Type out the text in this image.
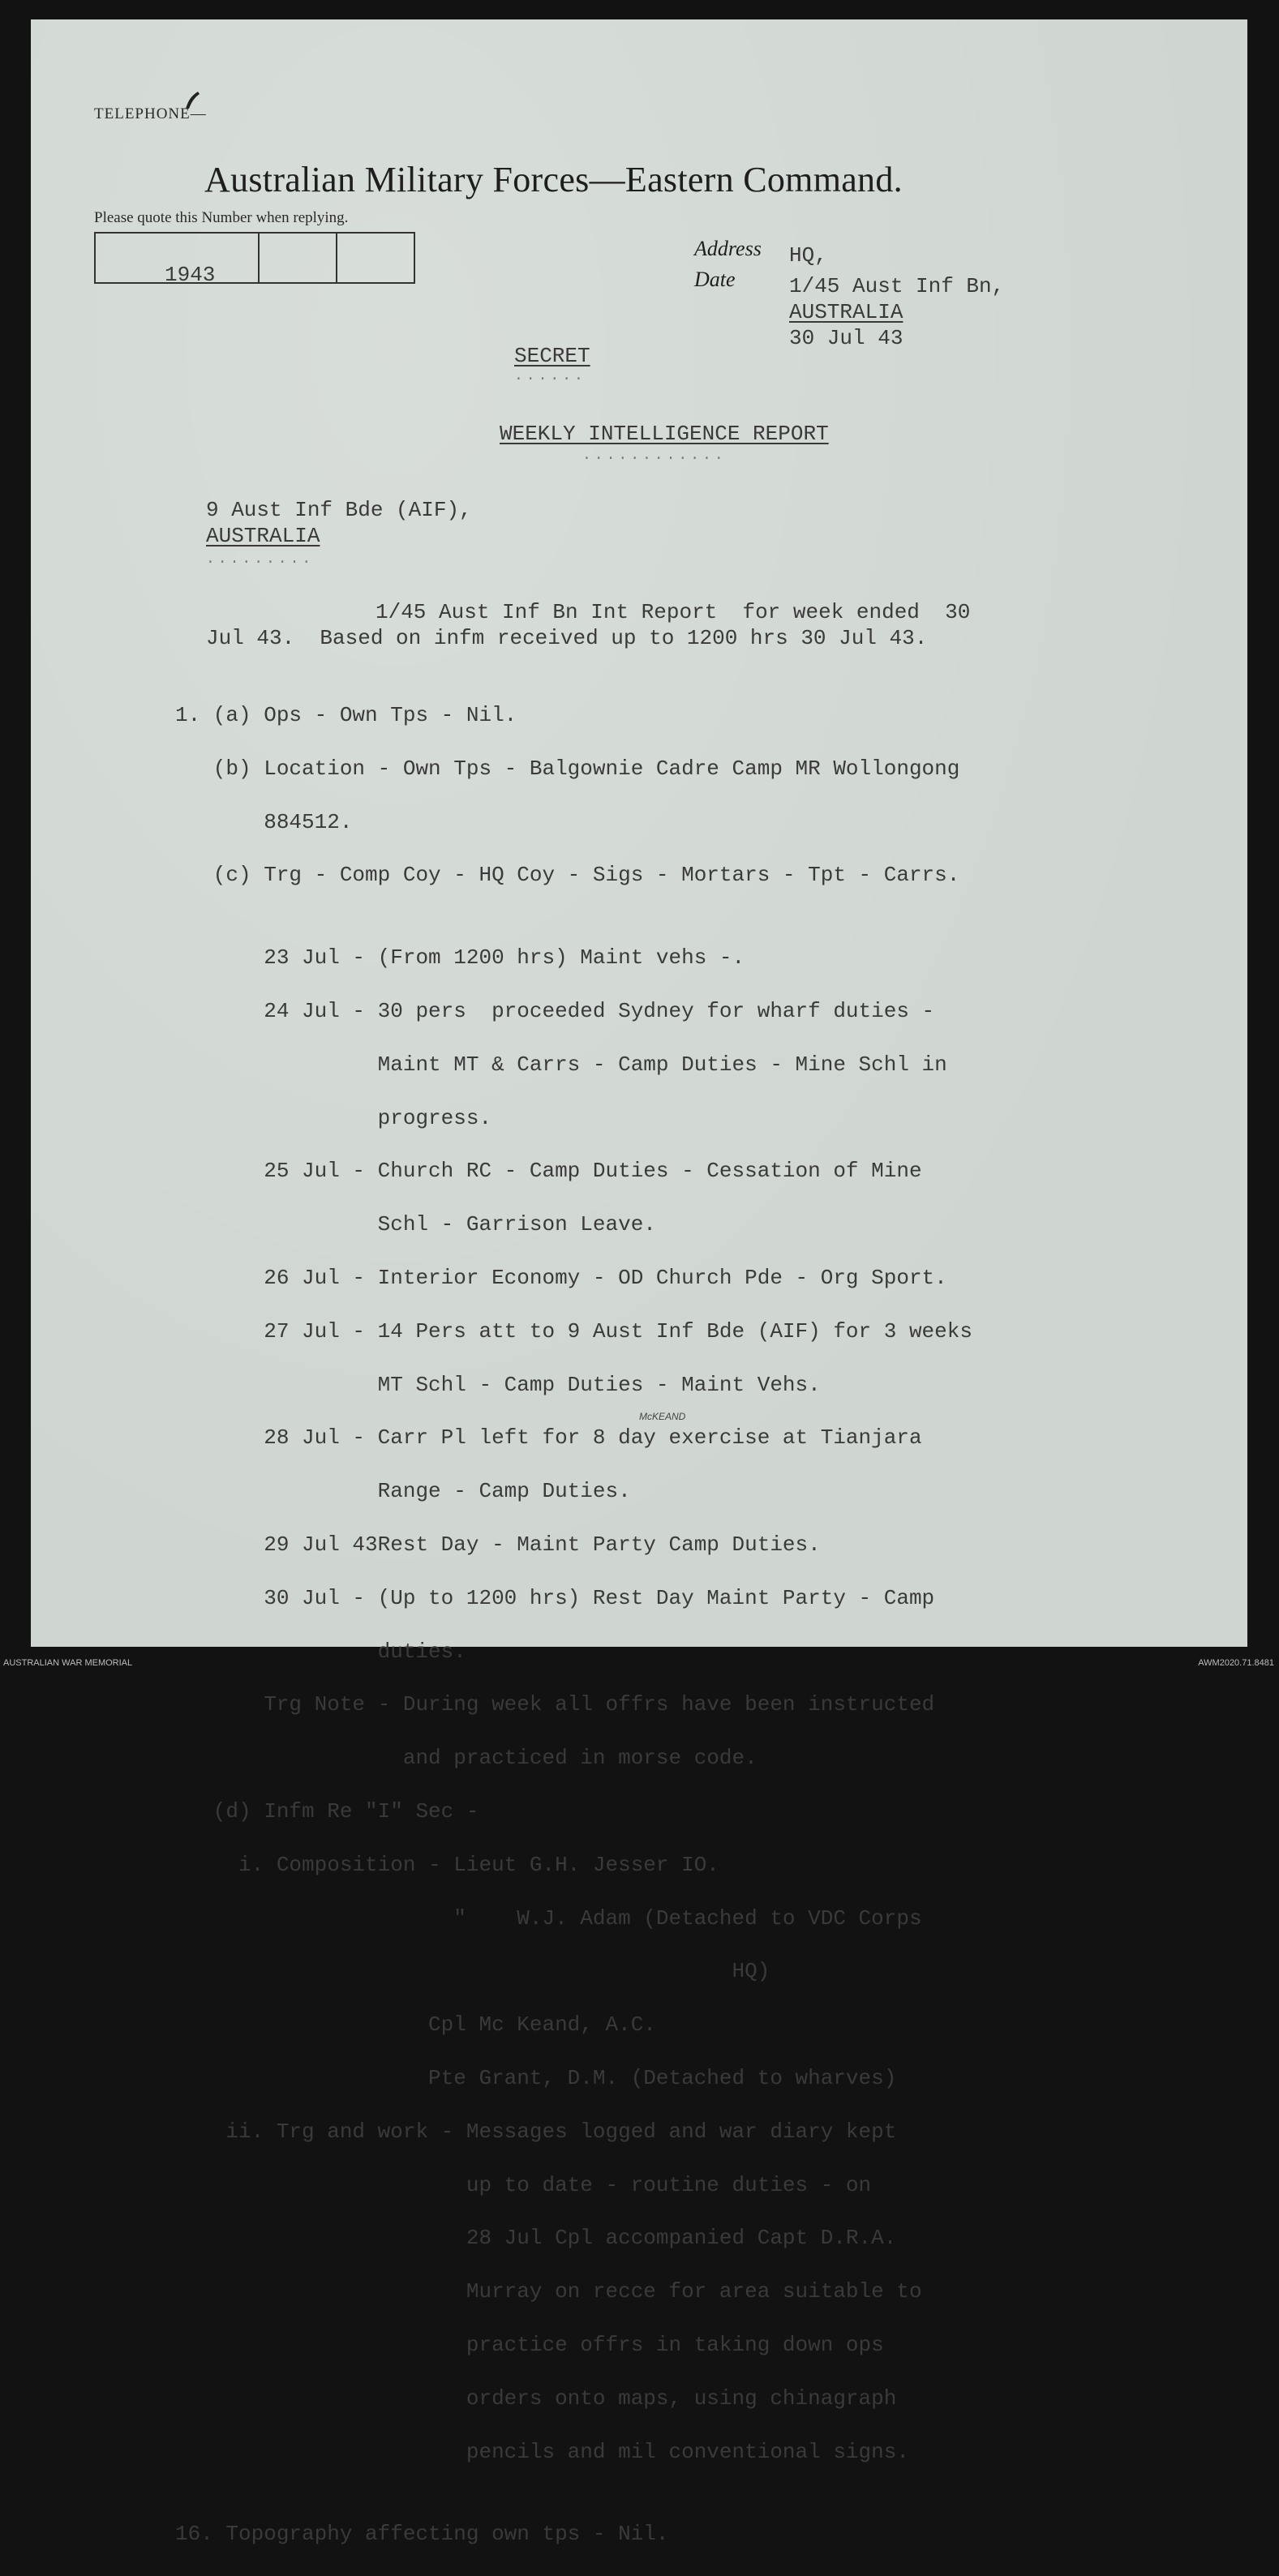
TELEPHONE—
Australian Military Forces—Eastern Command.
Please quote this Number when replying.
1943
Address
Date
HQ,
1/45 Aust Inf Bn,
AUSTRALIA
30 Jul 43
SECRET
......
WEEKLY INTELLIGENCE REPORT
............
9 Aust Inf Bde (AIF),
AUSTRALIA
.........
1/45 Aust Inf Bn Int Report  for week ended  30
Jul 43.  Based on infm received up to 1200 hrs 30 Jul 43.

1. (a) Ops - Own Tps - Nil.

(b) Location - Own Tps - Balgownie Cadre Camp MR Wollongong

884512.

(c) Trg - Comp Coy - HQ Coy - Sigs - Mortars - Tpt - Carrs.

23 Jul - (From 1200 hrs) Maint vehs -.

24 Jul - 30 pers  proceeded Sydney for wharf duties -

Maint MT & Carrs - Camp Duties - Mine Schl in

progress.

25 Jul - Church RC - Camp Duties - Cessation of Mine

Schl - Garrison Leave.

26 Jul - Interior Economy - OD Church Pde - Org Sport.

27 Jul - 14 Pers att to 9 Aust Inf Bde (AIF) for 3 weeks

MT Schl - Camp Duties - Maint Vehs.

28 Jul - Carr Pl left for 8 day exercise at Tianjara

Range - Camp Duties.

29 Jul 43Rest Day - Maint Party Camp Duties.

30 Jul - (Up to 1200 hrs) Rest Day Maint Party - Camp

duties.

Trg Note - During week all offrs have been instructed

and practiced in morse code.

(d) Infm Re "I" Sec -

i. Composition - Lieut G.H. Jesser IO.

"    W.J. Adam (Detached to VDC Corps

HQ)

Cpl Mc Keand, A.C.

Pte Grant, D.M. (Detached to wharves)

ii. Trg and work - Messages logged and war diary kept

up to date - routine duties - on

28 Jul Cpl accompanied Capt D.R.A.

Murray on recce for area suitable to

practice offrs in taking down ops

orders onto maps, using chinagraph

pencils and mil conventional signs.

16. Topography affecting own tps - Nil.

McKEAND
AUSTRALIAN WAR MEMORIAL	AWM2020.71.8481
